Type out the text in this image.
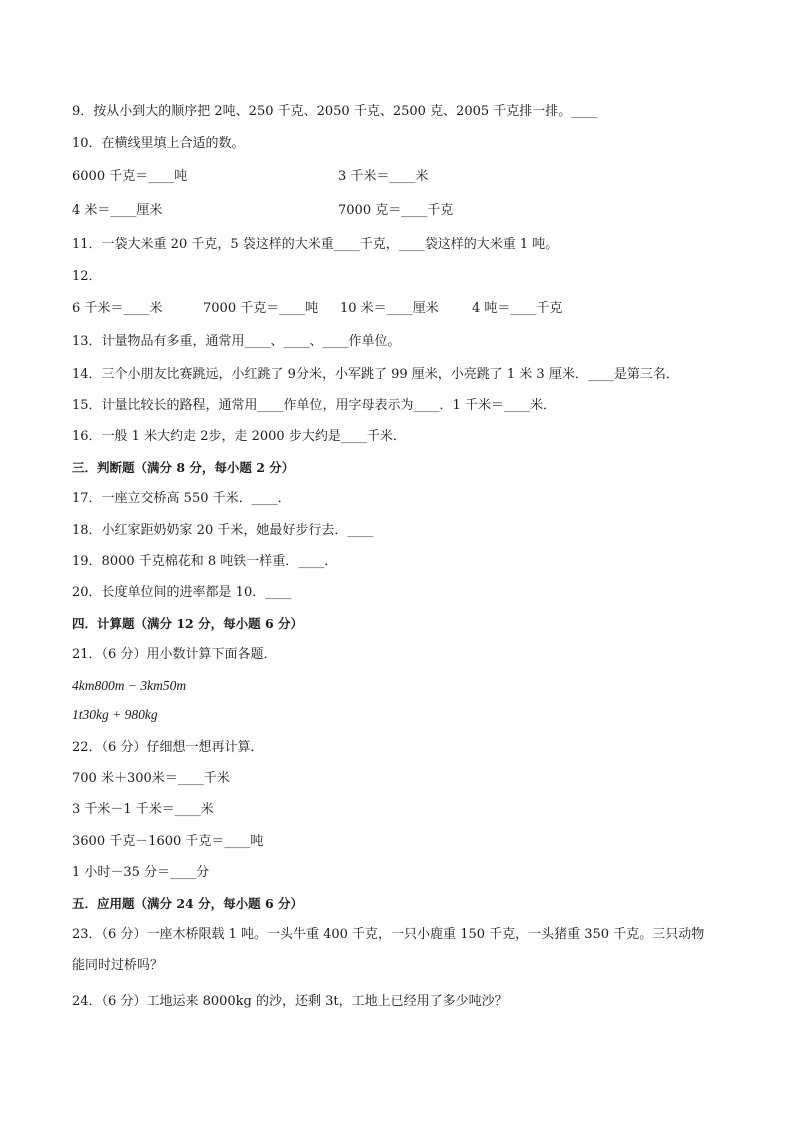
9．按从小到大的顺序把 2吨、250 千克、2050 千克、2500 克、2005 千克排一排。____
10．在横线里填上合适的数。
6000 千克＝____吨	3 千米＝____米
4 米＝____厘米	7000 克＝____千克
11．一袋大米重 20 千克，5 袋这样的大米重____千克，____袋这样的大米重 1 吨。
12．
6 千米＝____米	7000 千克＝____吨 10 米＝____厘米	4 吨＝____千克
13．计量物品有多重，通常用____、____、____作单位。
14．三个小朋友比赛跳远，小红跳了 9分米，小军跳了 99 厘米，小亮跳了 1 米 3 厘米．____是第三名．
15．计量比较长的路程，通常用____作单位，用字母表示为____．1 千米＝____米．
16．一般 1 米大约走 2步，走 2000 步大约是____千米．
三．判断题（满分 8 分，每小题 2 分）
17．一座立交桥高 550 千米．____．
18．小红家距奶奶家 20 千米，她最好步行去．____
19．8000 千克棉花和 8 吨铁一样重．____．
20．长度单位间的进率都是 10．____
四．计算题（满分 12 分，每小题 6 分）
21．（6 分）用小数计算下面各题．
4km800m − 3km50m
1t30kg + 980kg
22．（6 分）仔细想一想再计算．
700 米＋300米＝____千米
3 千米－1 千米＝____米
3600 千克－1600 千克＝____吨
1 小时－35 分＝____分
五．应用题（满分 24 分，每小题 6 分）
23．（6 分）一座木桥限载 1 吨。一头牛重 400 千克，一只小鹿重 150 千克，一头猪重 350 千克。三只动物
能同时过桥吗？
24．（6 分）工地运来 8000kg 的沙，还剩 3t，工地上已经用了多少吨沙？
